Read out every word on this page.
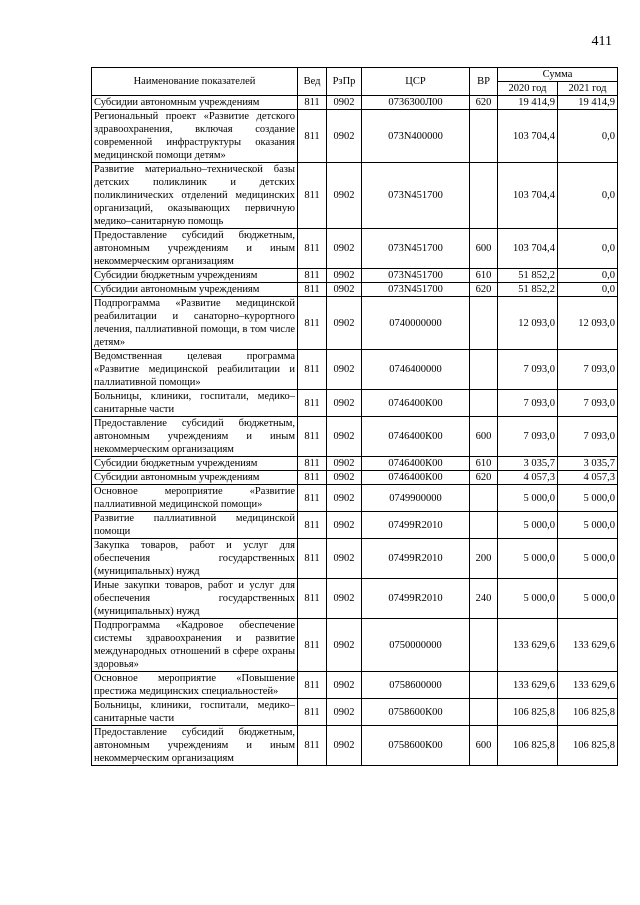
411
Наименование показателей	Вед	РзПр	ЦСР	ВР	Сумма	
					2020 год	2021 год
Субсидии автономным учреждениям	811	0902	0736300Л00	620	19 414,9	19 414,9
Региональный проект «Развитие детского здравоохранения, включая создание современной инфраструктуры оказания медицинской помощи детям»	811	0902	073N400000		103 704,4	0,0
Развитие материально–технической базы детских поликлиник и детских поликлинических отделений медицинских организаций, оказывающих первичную медико–санитарную помощь	811	0902	073N451700		103 704,4	0,0
Предоставление субсидий бюджетным, автономным учреждениям и иным некоммерческим организациям	811	0902	073N451700	600	103 704,4	0,0
Субсидии бюджетным учреждениям	811	0902	073N451700	610	51 852,2	0,0
Субсидии автономным учреждениям	811	0902	073N451700	620	51 852,2	0,0
Подпрограмма «Развитие медицинской реабилитации и санаторно–курортного лечения, паллиативной помощи, в том числе детям»	811	0902	0740000000		12 093,0	12 093,0
Ведомственная целевая программа «Развитие медицинской реабилитации и паллиативной помощи»	811	0902	0746400000		7 093,0	7 093,0
Больницы, клиники, госпитали, медико–санитарные части	811	0902	0746400К00		7 093,0	7 093,0
Предоставление субсидий бюджетным, автономным учреждениям и иным некоммерческим организациям	811	0902	0746400К00	600	7 093,0	7 093,0
Субсидии бюджетным учреждениям	811	0902	0746400К00	610	3 035,7	3 035,7
Субсидии автономным учреждениям	811	0902	0746400К00	620	4 057,3	4 057,3
Основное мероприятие «Развитие паллиативной медицинской помощи»	811	0902	0749900000		5 000,0	5 000,0
Развитие паллиативной медицинской помощи	811	0902	07499R2010		5 000,0	5 000,0
Закупка товаров, работ и услуг для обеспечения государственных (муниципальных) нужд	811	0902	07499R2010	200	5 000,0	5 000,0
Иные закупки товаров, работ и услуг для обеспечения государственных (муниципальных) нужд	811	0902	07499R2010	240	5 000,0	5 000,0
Подпрограмма «Кадровое обеспечение системы здравоохранения и развитие международных отношений в сфере охраны здоровья»	811	0902	0750000000		133 629,6	133 629,6
Основное мероприятие «Повышение престижа медицинских специальностей»	811	0902	0758600000		133 629,6	133 629,6
Больницы, клиники, госпитали, медико–санитарные части	811	0902	0758600К00		106 825,8	106 825,8
Предоставление субсидий бюджетным, автономным учреждениям и иным некоммерческим организациям	811	0902	0758600К00	600	106 825,8	106 825,8
